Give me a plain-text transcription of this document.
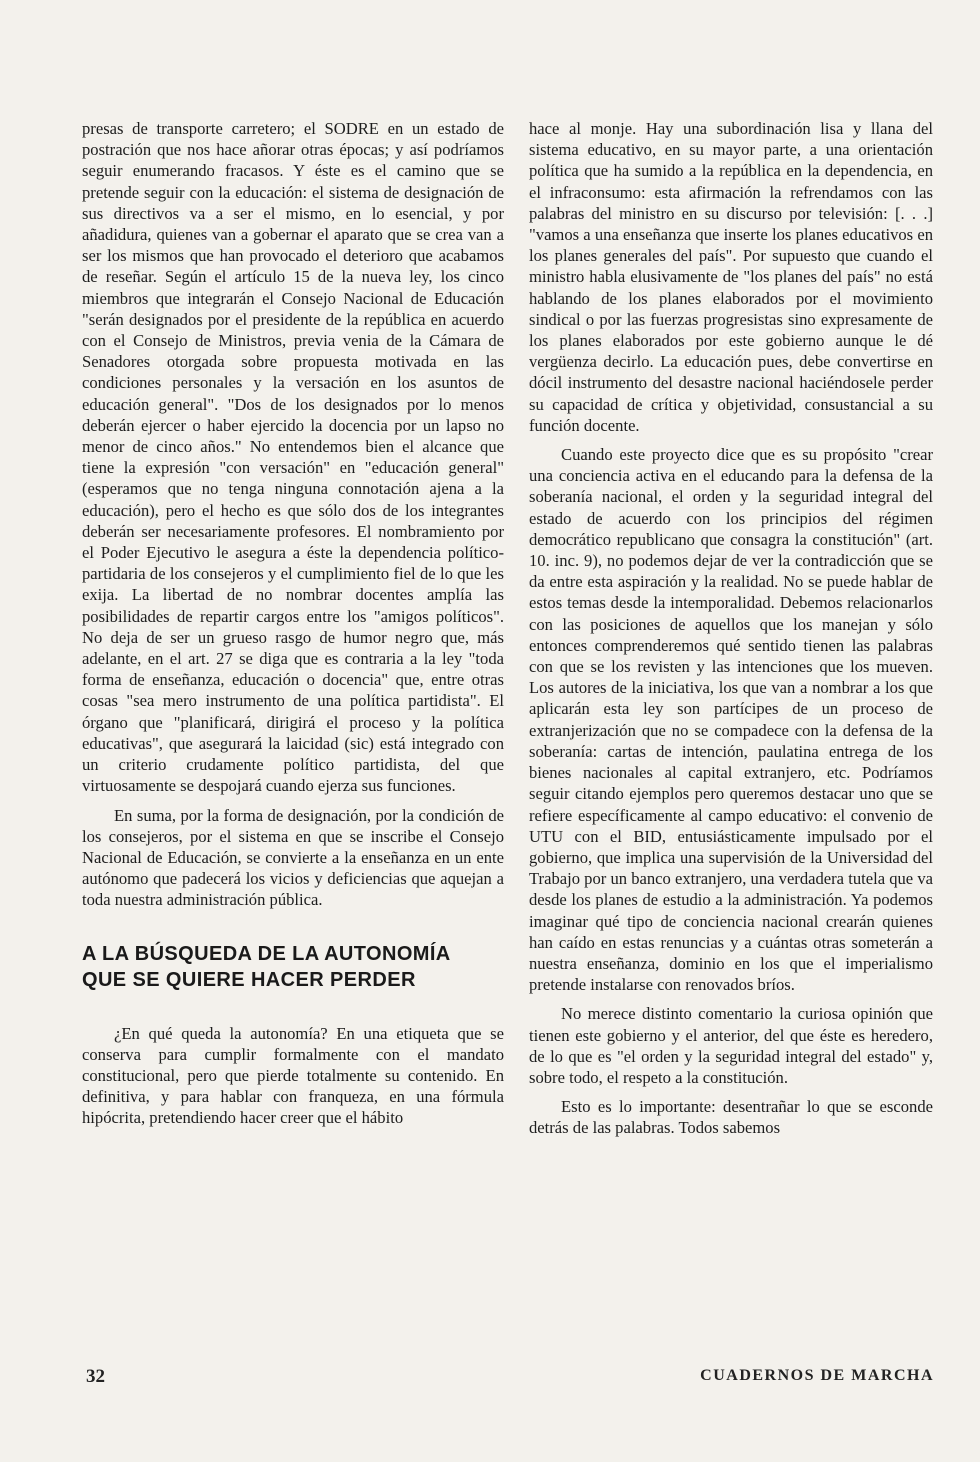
presas de transporte carretero; el SODRE en un estado de postración que nos hace añorar otras épocas; y así podríamos seguir enumerando fracasos. Y éste es el camino que se pretende seguir con la educación: el sistema de designación de sus directivos va a ser el mismo, en lo esencial, y por añadidura, quienes van a gobernar el aparato que se crea van a ser los mismos que han provocado el deterioro que acabamos de reseñar. Según el artículo 15 de la nueva ley, los cinco miembros que integrarán el Consejo Nacional de Educación "serán designados por el presidente de la república en acuerdo con el Consejo de Ministros, previa venia de la Cámara de Senadores otorgada sobre propuesta motivada en las condiciones personales y la versación en los asuntos de educación general". "Dos de los designados por lo menos deberán ejercer o haber ejercido la docencia por un lapso no menor de cinco años." No entendemos bien el alcance que tiene la expresión "con versación" en "educación general" (esperamos que no tenga ninguna connotación ajena a la educación), pero el hecho es que sólo dos de los integrantes deberán ser necesariamente profesores. El nombramiento por el Poder Ejecutivo le asegura a éste la dependencia político-partidaria de los consejeros y el cumplimiento fiel de lo que les exija. La libertad de no nombrar docentes amplía las posibilidades de repartir cargos entre los "amigos políticos". No deja de ser un grueso rasgo de humor negro que, más adelante, en el art. 27 se diga que es contraria a la ley "toda forma de enseñanza, educación o docencia" que, entre otras cosas "sea mero instrumento de una política partidista". El órgano que "planificará, dirigirá el proceso y la política educativas", que asegurará la laicidad (sic) está integrado con un criterio crudamente político partidista, del que virtuosamente se despojará cuando ejerza sus funciones.

En suma, por la forma de designación, por la condición de los consejeros, por el sistema en que se inscribe el Consejo Nacional de Educación, se convierte a la enseñanza en un ente autónomo que padecerá los vicios y deficiencias que aquejan a toda nuestra administración pública.

A LA BÚSQUEDA DE LA AUTONOMÍA
QUE SE QUIERE HACER PERDER

¿En qué queda la autonomía? En una etiqueta que se conserva para cumplir formalmente con el mandato constitucional, pero que pierde totalmente su contenido. En definitiva, y para hablar con franqueza, en una fórmula hipócrita, pretendiendo hacer creer que el hábito

hace al monje. Hay una subordinación lisa y llana del sistema educativo, en su mayor parte, a una orientación política que ha sumido a la república en la dependencia, en el infraconsumo: esta afirmación la refrendamos con las palabras del ministro en su discurso por televisión: [. . .] "vamos a una enseñanza que inserte los planes educativos en los planes generales del país". Por supuesto que cuando el ministro habla elusivamente de "los planes del país" no está hablando de los planes elaborados por el movimiento sindical o por las fuerzas progresistas sino expresamente de los planes elaborados por este gobierno aunque le dé vergüenza decirlo. La educación pues, debe convertirse en dócil instrumento del desastre nacional haciéndosele perder su capacidad de crítica y objetividad, consustancial a su función docente.

Cuando este proyecto dice que es su propósito "crear una conciencia activa en el educando para la defensa de la soberanía nacional, el orden y la seguridad integral del estado de acuerdo con los principios del régimen democrático republicano que consagra la constitución" (art. 10. inc. 9), no podemos dejar de ver la contradicción que se da entre esta aspiración y la realidad. No se puede hablar de estos temas desde la intemporalidad. Debemos relacionarlos con las posiciones de aquellos que los manejan y sólo entonces comprenderemos qué sentido tienen las palabras con que se los revisten y las intenciones que los mueven. Los autores de la iniciativa, los que van a nombrar a los que aplicarán esta ley son partícipes de un proceso de extranjerización que no se compadece con la defensa de la soberanía: cartas de intención, paulatina entrega de los bienes nacionales al capital extranjero, etc. Podríamos seguir citando ejemplos pero queremos destacar uno que se refiere específicamente al campo educativo: el convenio de UTU con el BID, entusiásticamente impulsado por el gobierno, que implica una supervisión de la Universidad del Trabajo por un banco extranjero, una verdadera tutela que va desde los planes de estudio a la administración. Ya podemos imaginar qué tipo de conciencia nacional crearán quienes han caído en estas renuncias y a cuántas otras someterán a nuestra enseñanza, dominio en los que el imperialismo pretende instalarse con renovados bríos.

No merece distinto comentario la curiosa opinión que tienen este gobierno y el anterior, del que éste es heredero, de lo que es "el orden y la seguridad integral del estado" y, sobre todo, el respeto a la constitución.

Esto es lo importante: desentrañar lo que se esconde detrás de las palabras. Todos sabemos

32	CUADERNOS DE MARCHA
